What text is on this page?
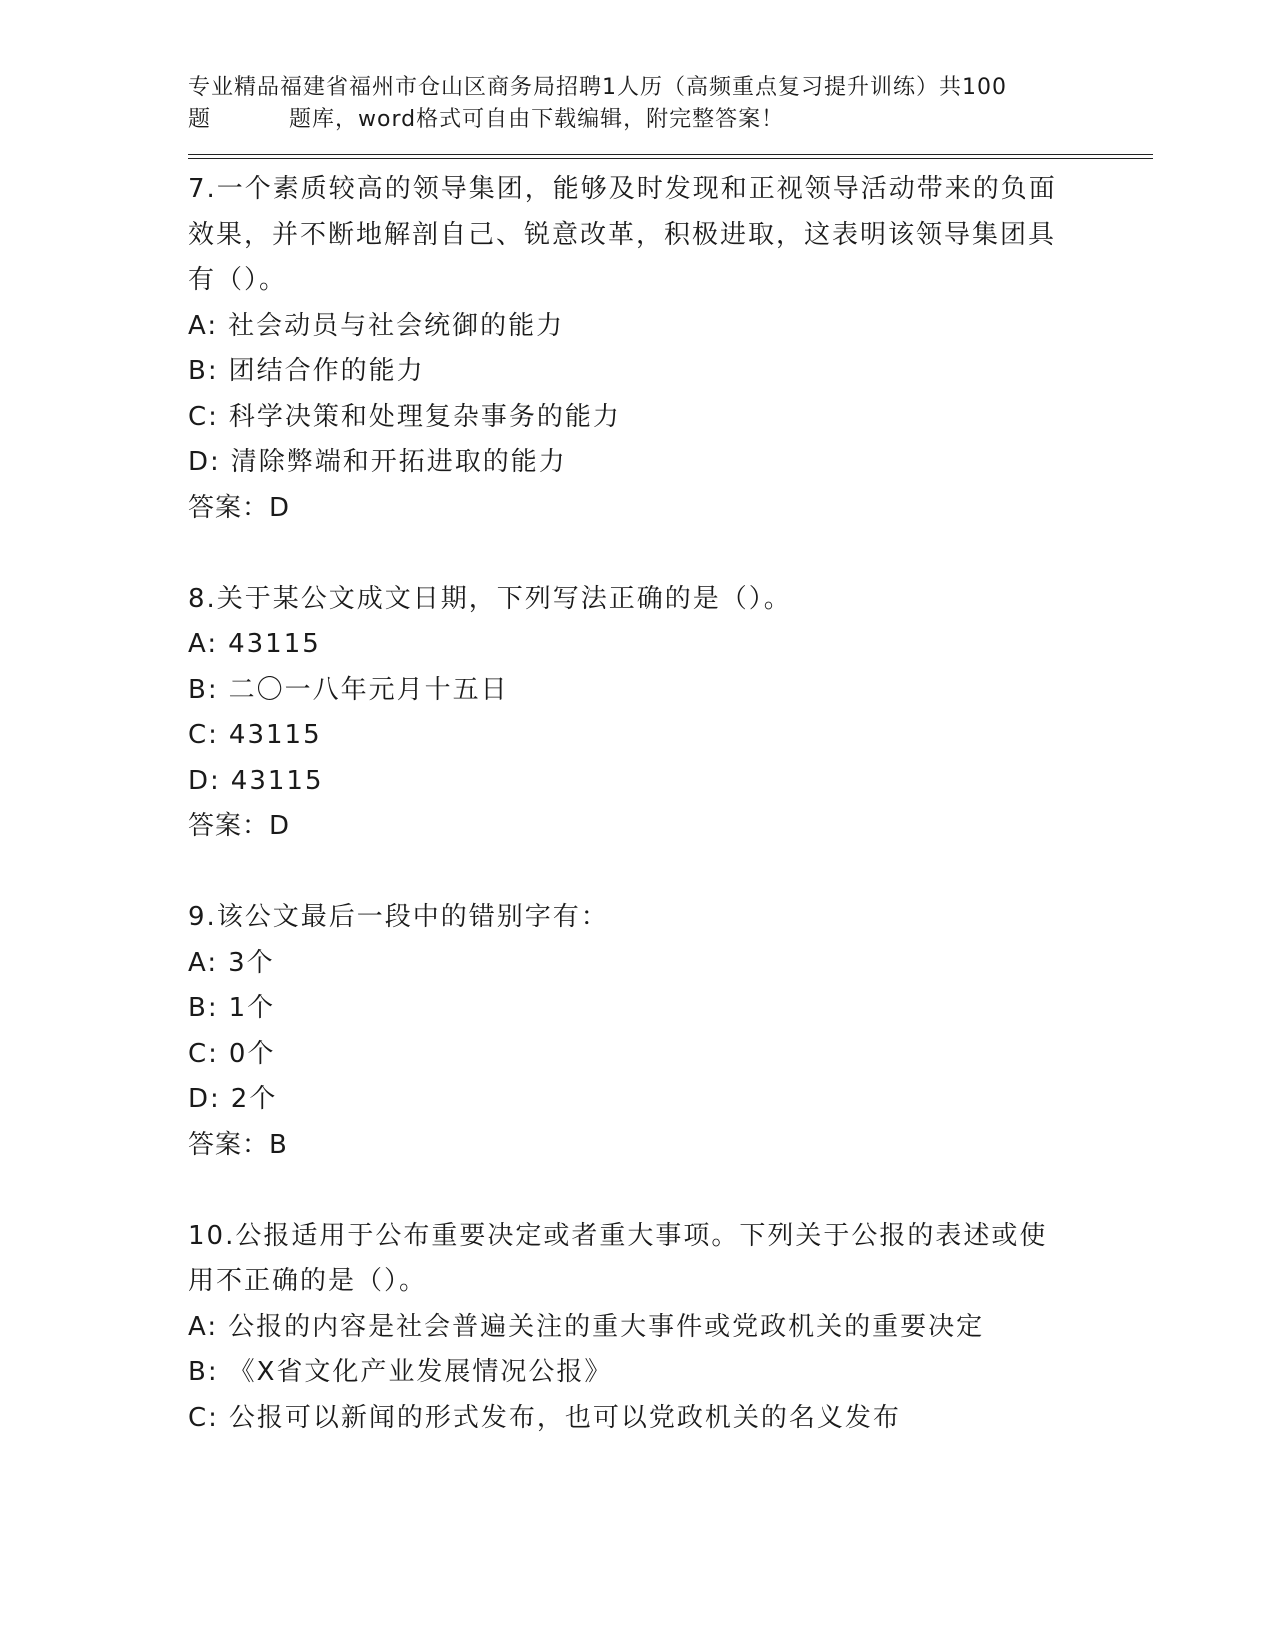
专业精品福建省福州市仓山区商务局招聘1人历（高频重点复习提升训练）共100
题	题库，word格式可自由下载编辑，附完整答案！
7.一个素质较高的领导集团，能够及时发现和正视领导活动带来的负面效果，并不断地解剖自己、锐意改革，积极进取，这表明该领导集团具有（）。
A: 社会动员与社会统御的能力
B: 团结合作的能力
C: 科学决策和处理复杂事务的能力
D: 清除弊端和开拓进取的能力
答案：D
8.关于某公文成文日期，下列写法正确的是（）。
A: 43115
B: 二〇一八年元月十五日
C: 43115
D: 43115
答案：D
9.该公文最后一段中的错别字有：
A: 3个
B: 1个
C: 0个
D: 2个
答案：B
10.公报适用于公布重要决定或者重大事项。下列关于公报的表述或使用不正确的是（）。
A: 公报的内容是社会普遍关注的重大事件或党政机关的重要决定
B: 《X省文化产业发展情况公报》
C: 公报可以新闻的形式发布，也可以党政机关的名义发布
